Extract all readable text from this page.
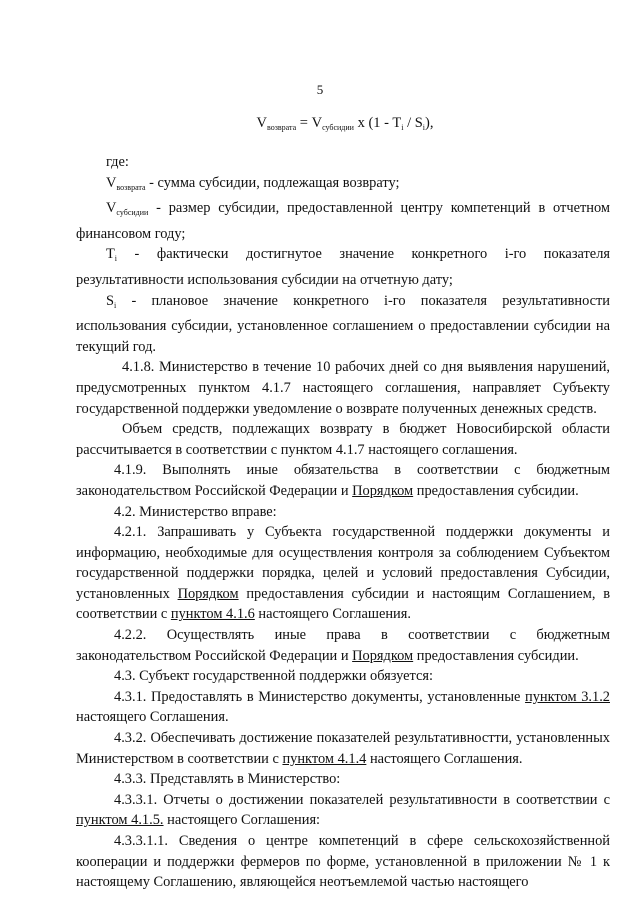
5
$V_{возврата} = V_{субсидии}$ x $(1 - T_i / S_i)$,

где:

$V_{возврата}$ - сумма субсидии, подлежащая возврату;

$V_{субсидии}$ - размер субсидии, предоставленной центру компетенций в отчетном финансовом году;

$T_i$ - фактически достигнутое значение конкретного i-го показателя результативности использования субсидии на отчетную дату;

$S_i$ - плановое значение конкретного i-го показателя результативности использования субсидии, установленное соглашением о предоставлении субсидии на текущий год.

4.1.8. Министерство в течение 10 рабочих дней со дня выявления нарушений, предусмотренных пунктом 4.1.7 настоящего соглашения, направляет Субъекту государственной поддержки уведомление о возврате полученных денежных средств.

Объем средств, подлежащих возврату в бюджет Новосибирской области рассчитывается в соответствии с пунктом 4.1.7 настоящего соглашения.

4.1.9. Выполнять иные обязательства в соответствии с бюджетным законодательством Российской Федерации и Порядком предоставления субсидии.

4.2. Министерство вправе:

4.2.1. Запрашивать у Субъекта государственной поддержки документы и информацию, необходимые для осуществления контроля за соблюдением Субъектом государственной поддержки порядка, целей и условий предоставления Субсидии, установленных Порядком предоставления субсидии и настоящим Соглашением, в соответствии с пунктом 4.1.6 настоящего Соглашения.

4.2.2. Осуществлять иные права в соответствии с бюджетным законодательством Российской Федерации и Порядком предоставления субсидии.

4.3. Субъект государственной поддержки обязуется:

4.3.1. Предоставлять в Министерство документы, установленные пунктом 3.1.2 настоящего Соглашения.

4.3.2. Обеспечивать достижение показателей результативностти, установленных Министерством в соответствии с пунктом 4.1.4 настоящего Соглашения.

4.3.3. Представлять в Министерство:

4.3.3.1. Отчеты о достижении показателей результативности в соответствии с пунктом 4.1.5. настоящего Соглашения:

4.3.3.1.1. Сведения о центре компетенций в сфере сельскохозяйственной кооперации и поддержки фермеров по форме, установленной в приложении № 1 к настоящему Соглашению, являющейся неотъемлемой частью настоящего
